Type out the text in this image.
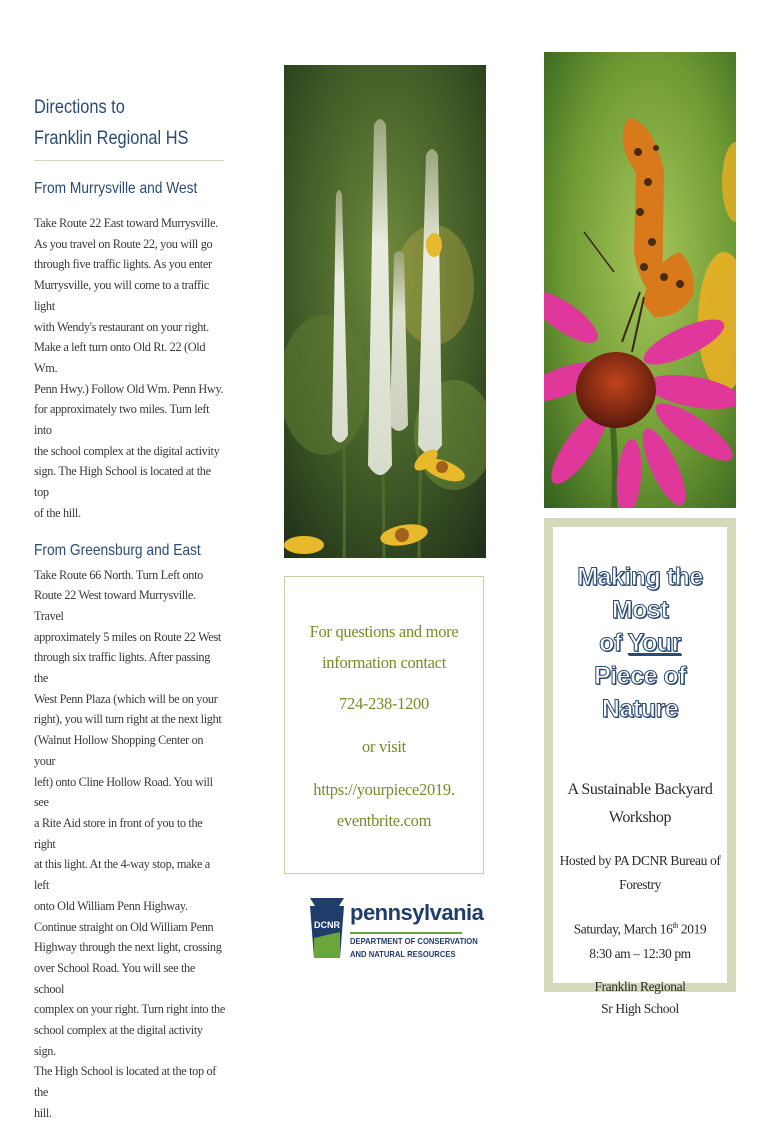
Directions to
Franklin Regional HS
From Murrysville and West

Take Route 22 East toward Murrysville.

As you travel on Route 22, you will go

through five traffic lights. As you enter

Murrysville, you will come to a traffic light

with Wendy's restaurant on your right.

Make a left turn onto Old Rt. 22 (Old Wm.

Penn Hwy.) Follow Old Wm. Penn Hwy.

for approximately two miles. Turn left into

the school complex at the digital activity

sign. The High School is located at the top

of the hill.

From Greensburg and East

Take Route 66 North. Turn Left onto

Route 22 West toward Murrysville. Travel

approximately 5 miles on Route 22 West

through six traffic lights. After passing the

West Penn Plaza (which will be on your

right), you will turn right at the next light

(Walnut Hollow Shopping Center on your

left) onto Cline Hollow Road. You will see

a Rite Aid store in front of you to the right

at this light. At the 4-way stop, make a left

onto Old William Penn Highway.

Continue straight on Old William Penn

Highway through the next light, crossing

over School Road. You will see the school

complex on your right. Turn right into the

school complex at the digital activity sign.

The High School is located at the top of the

hill.

For questions and more

information contact

724-238-1200

or visit

https://yourpiece2019.

eventbrite.com

DCNR pennsylvania
DEPARTMENT OF CONSERVATION
AND NATURAL RESOURCES

Making the Most

of Your

Piece of Nature

A Sustainable Backyard

Workshop

Hosted by PA DCNR Bureau of

Forestry

Saturday, March 16th 2019

8:30 am – 12:30 pm

Franklin Regional

Sr High School
